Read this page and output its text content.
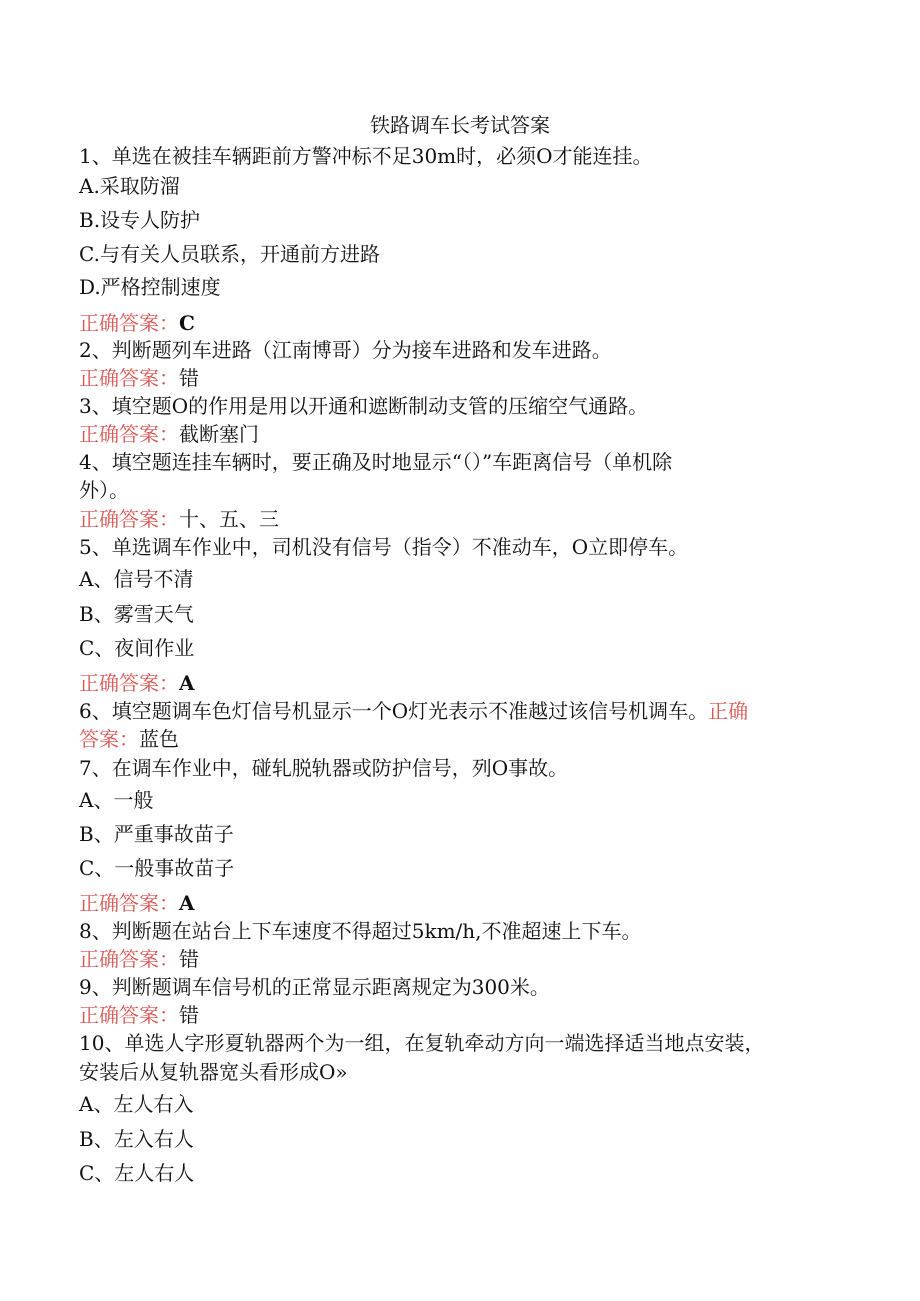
铁路调车长考试答案
1、单选在被挂车辆距前方警冲标不足30m时，必须O才能连挂。
A.采取防溜
B.设专人防护
C.与有关人员联系，开通前方进路
D.严格控制速度
正确答案：C
2、判断题列车进路（江南博哥）分为接车进路和发车进路。
正确答案：错
3、填空题O的作用是用以开通和遮断制动支管的压缩空气通路。
正确答案：截断塞门
4、填空题连挂车辆时，要正确及时地显示“（）”车距离信号（单机除
外）。
正确答案：十、五、三
5、单选调车作业中，司机没有信号（指令）不准动车，O立即停车。
A、信号不清
B、雾雪天气
C、夜间作业
正确答案：A
6、填空题调车色灯信号机显示一个O灯光表示不准越过该信号机调车。正确
答案：蓝色
7、在调车作业中，碰轧脱轨器或防护信号，列O事故。
A、一般
B、严重事故苗子
C、一般事故苗子
正确答案：A
8、判断题在站台上下车速度不得超过5km/h,不准超速上下车。
正确答案：错
9、判断题调车信号机的正常显示距离规定为300米。
正确答案：错
10、单选人字形夏轨器两个为一组，在复轨牵动方向一端选择适当地点安装，
安装后从复轨器宽头看形成O»
A、左人右入
B、左入右人
C、左人右人
